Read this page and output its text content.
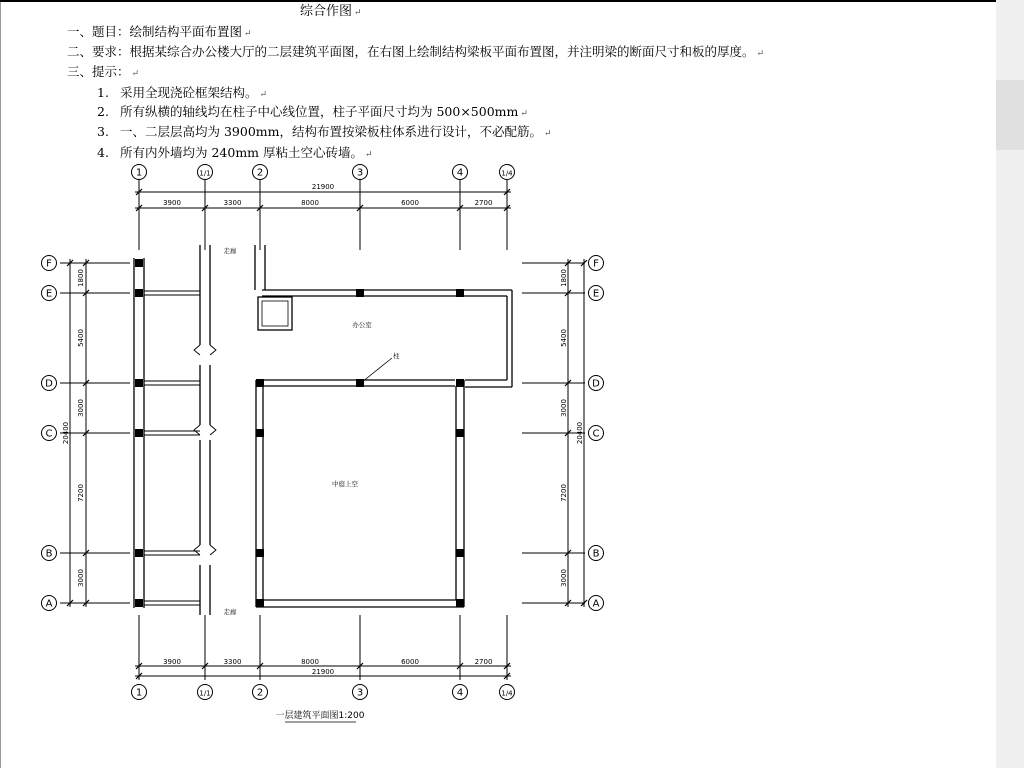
综合作图 ↵
一、题目：绘制结构平面布置图 ↵
二、要求：根据某综合办公楼大厅的二层建筑平面图，在右图上绘制结构梁板平面布置图，并注明梁的断面尺寸和板的厚度。 ↵
三、提示： ↵
1. 采用全现浇砼框架结构。 ↵
2. 所有纵横的轴线均在柱子中心线位置，柱子平面尺寸均为 500×500mm ↵
3. 一、二层层高均为 3900mm，结构布置按梁板柱体系进行设计，不必配筋。 ↵
4. 所有内外墙均为 240mm 厚粘土空心砖墙。 ↵
21900
3900	3300	8000	6000	2700
3900	3300	8000	6000	2700
21900
1800
5400
3000
7200
3000
20400
1800
5400
3000
7200
3000
20400
1
1
1/1
1/1
2
2
3
3
4
4
1/4
1/4
F	F
E	E
D	D
C	C
B	B
A	A
走廊
走廊
办公室
中庭上空
柱
一层建筑平面图1:200
